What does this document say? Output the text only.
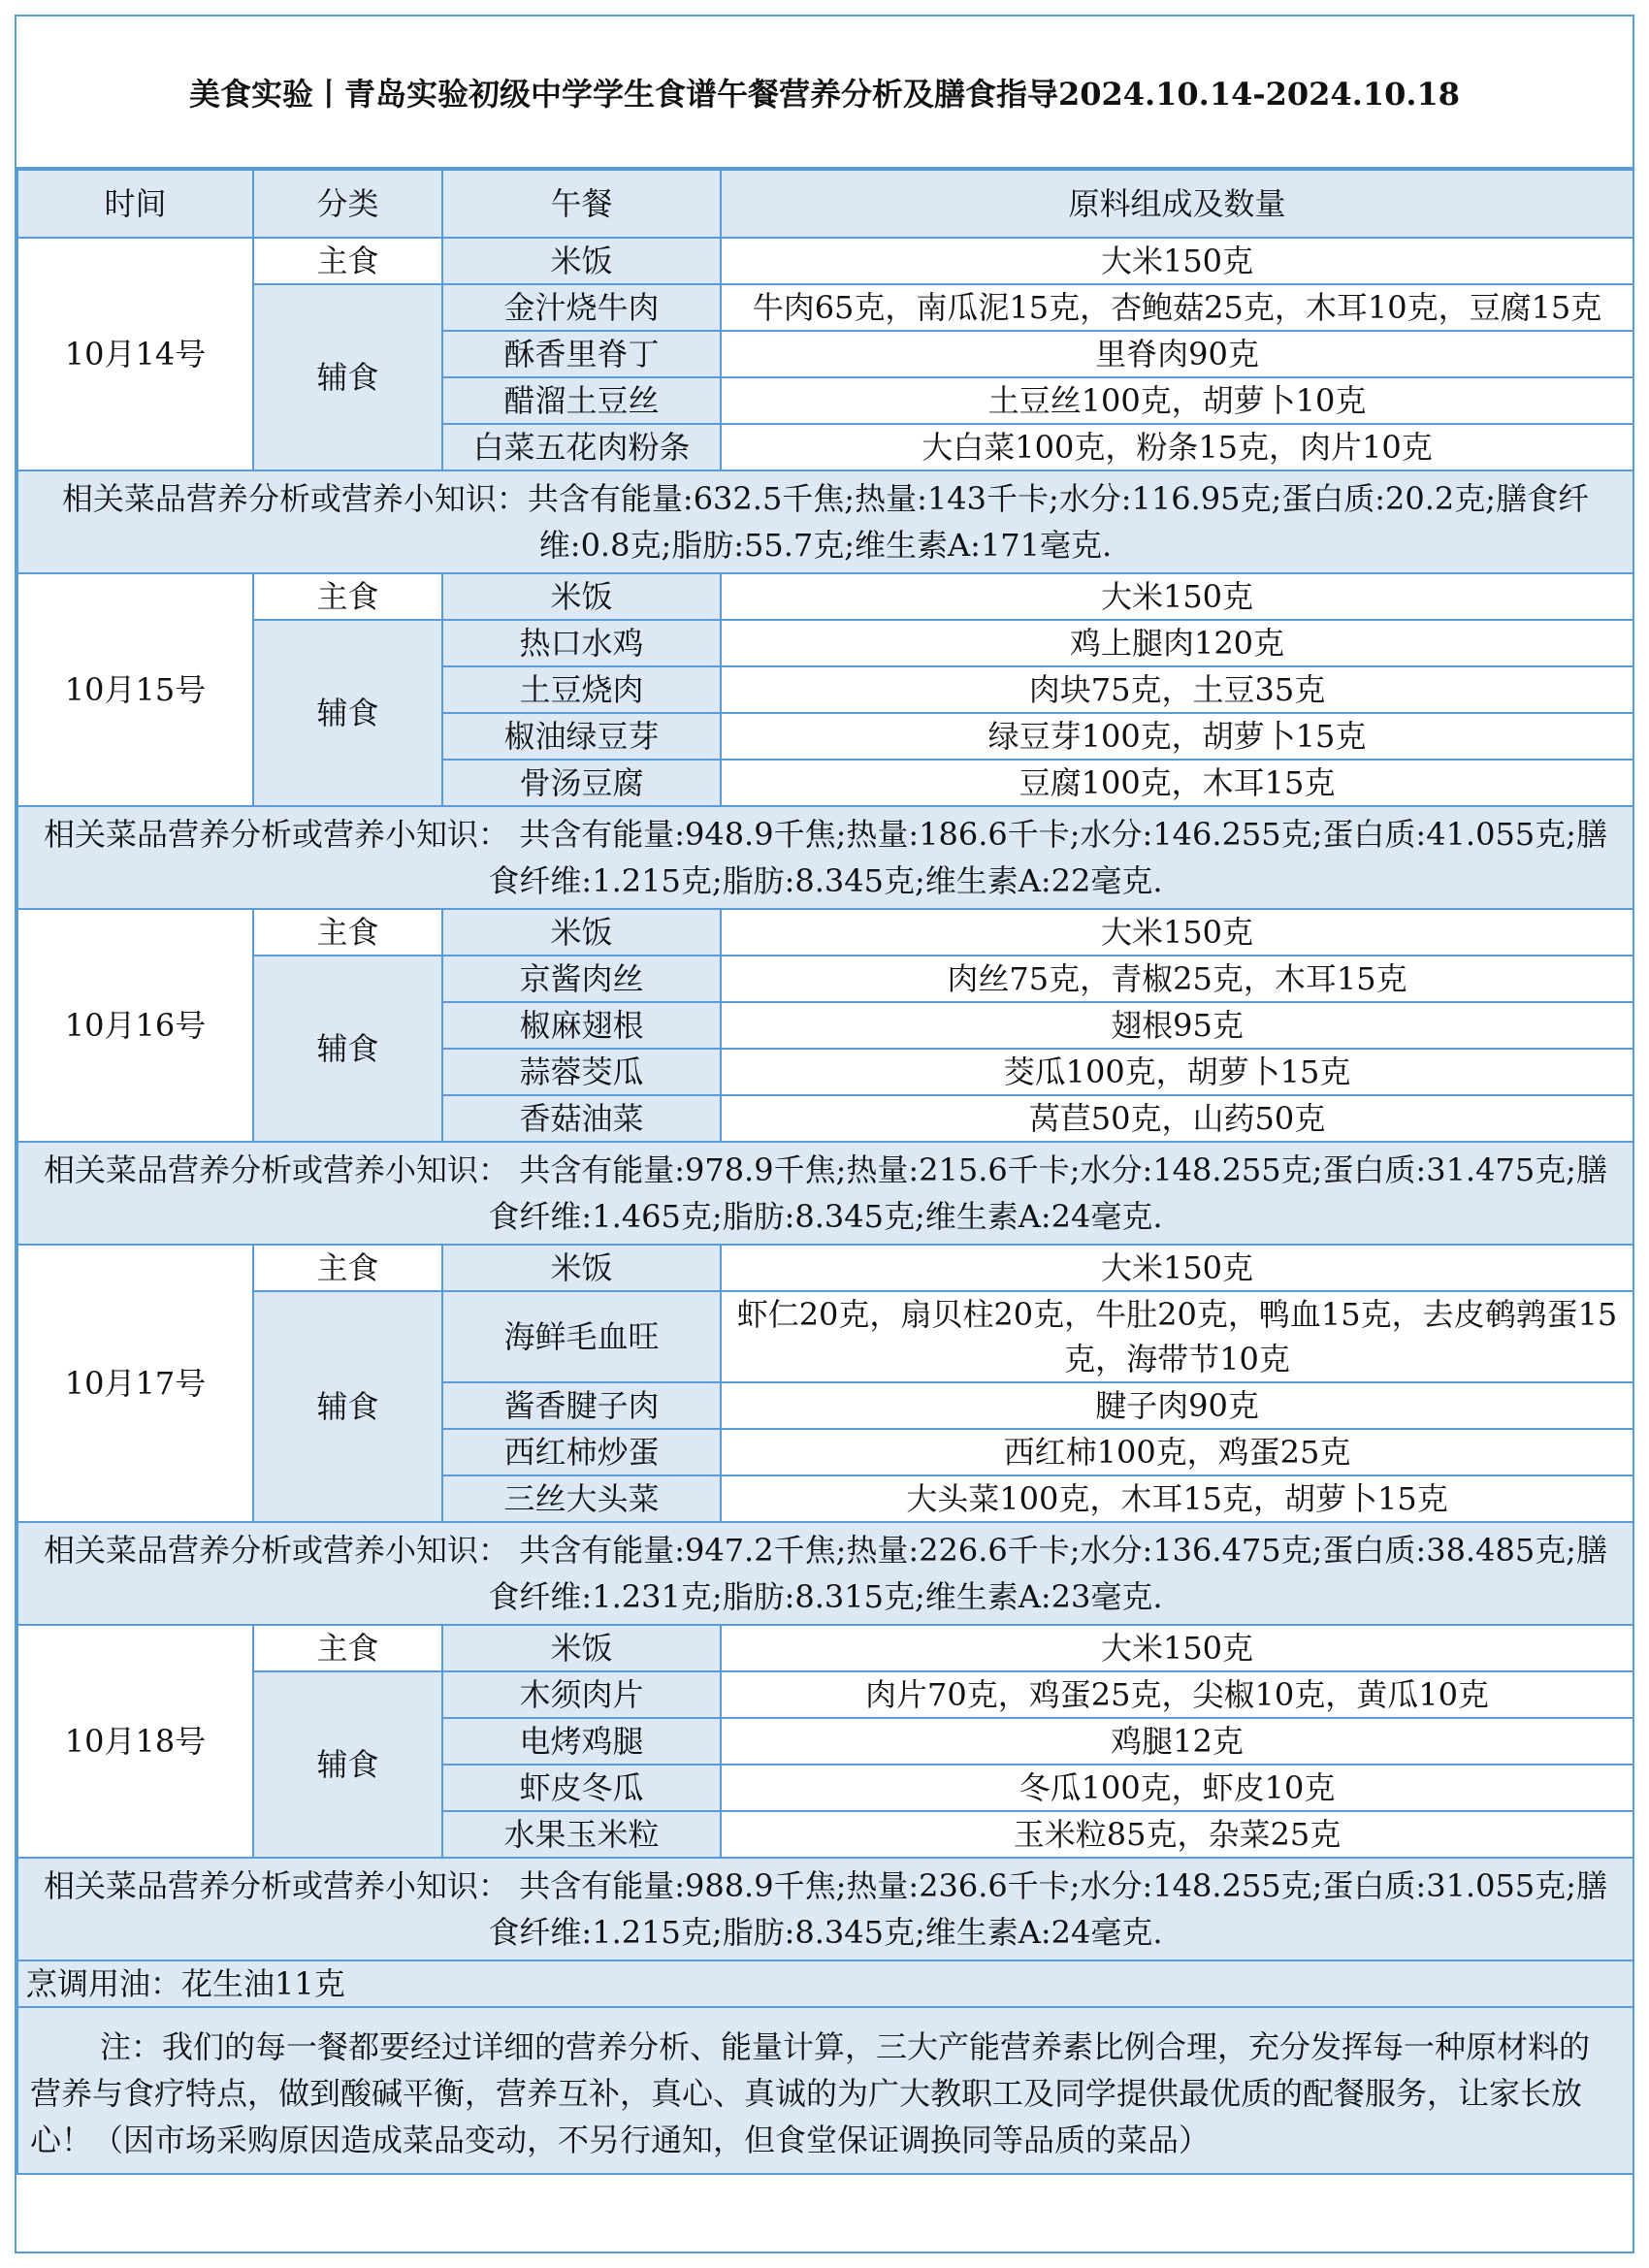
美食实验丨青岛实验初级中学学生食谱午餐营养分析及膳食指导2024.10.14-2024.10.18
时间	分类	午餐	原料组成及数量
10月14号	主食	米饭	大米150克
	辅食	金汁烧牛肉	牛肉65克，南瓜泥15克，杏鲍菇25克，木耳10克，豆腐15克
		酥香里脊丁	里脊肉90克
		醋溜土豆丝	土豆丝100克，胡萝卜10克
		白菜五花肉粉条	大白菜100克，粉条15克，肉片10克
相关菜品营养分析或营养小知识：共含有能量:632.5千焦;热量:143千卡;水分:116.95克;蛋白质:20.2克;膳食纤维:0.8克;脂肪:55.7克;维生素A:171毫克.			
10月15号	主食	米饭	大米150克
	辅食	热口水鸡	鸡上腿肉120克
		土豆烧肉	肉块75克，土豆35克
		椒油绿豆芽	绿豆芽100克，胡萝卜15克
		骨汤豆腐	豆腐100克，木耳15克
相关菜品营养分析或营养小知识： 共含有能量:948.9千焦;热量:186.6千卡;水分:146.255克;蛋白质:41.055克;膳食纤维:1.215克;脂肪:8.345克;维生素A:22毫克.			
10月16号	主食	米饭	大米150克
	辅食	京酱肉丝	肉丝75克，青椒25克，木耳15克
		椒麻翅根	翅根95克
		蒜蓉茭瓜	茭瓜100克，胡萝卜15克
		香菇油菜	莴苣50克，山药50克
相关菜品营养分析或营养小知识： 共含有能量:978.9千焦;热量:215.6千卡;水分:148.255克;蛋白质:31.475克;膳食纤维:1.465克;脂肪:8.345克;维生素A:24毫克.			
10月17号	主食	米饭	大米150克
	辅食	海鲜毛血旺	虾仁20克，扇贝柱20克，牛肚20克，鸭血15克，去皮鹌鹑蛋15克，海带节10克
		酱香腱子肉	腱子肉90克
		西红柿炒蛋	西红柿100克，鸡蛋25克
		三丝大头菜	大头菜100克，木耳15克，胡萝卜15克
相关菜品营养分析或营养小知识： 共含有能量:947.2千焦;热量:226.6千卡;水分:136.475克;蛋白质:38.485克;膳食纤维:1.231克;脂肪:8.315克;维生素A:23毫克.			
10月18号	主食	米饭	大米150克
	辅食	木须肉片	肉片70克，鸡蛋25克，尖椒10克，黄瓜10克
		电烤鸡腿	鸡腿12克
		虾皮冬瓜	冬瓜100克，虾皮10克
		水果玉米粒	玉米粒85克，杂菜25克
相关菜品营养分析或营养小知识： 共含有能量:988.9千焦;热量:236.6千卡;水分:148.255克;蛋白质:31.055克;膳食纤维:1.215克;脂肪:8.345克;维生素A:24毫克.			
烹调用油：花生油11克			
注：我们的每一餐都要经过详细的营养分析、能量计算，三大产能营养素比例合理，充分发挥每一种原材料的营养与食疗特点，做到酸碱平衡，营养互补，真心、真诚的为广大教职工及同学提供最优质的配餐服务，让家长放心！（因市场采购原因造成菜品变动，不另行通知，但食堂保证调换同等品质的菜品）			
